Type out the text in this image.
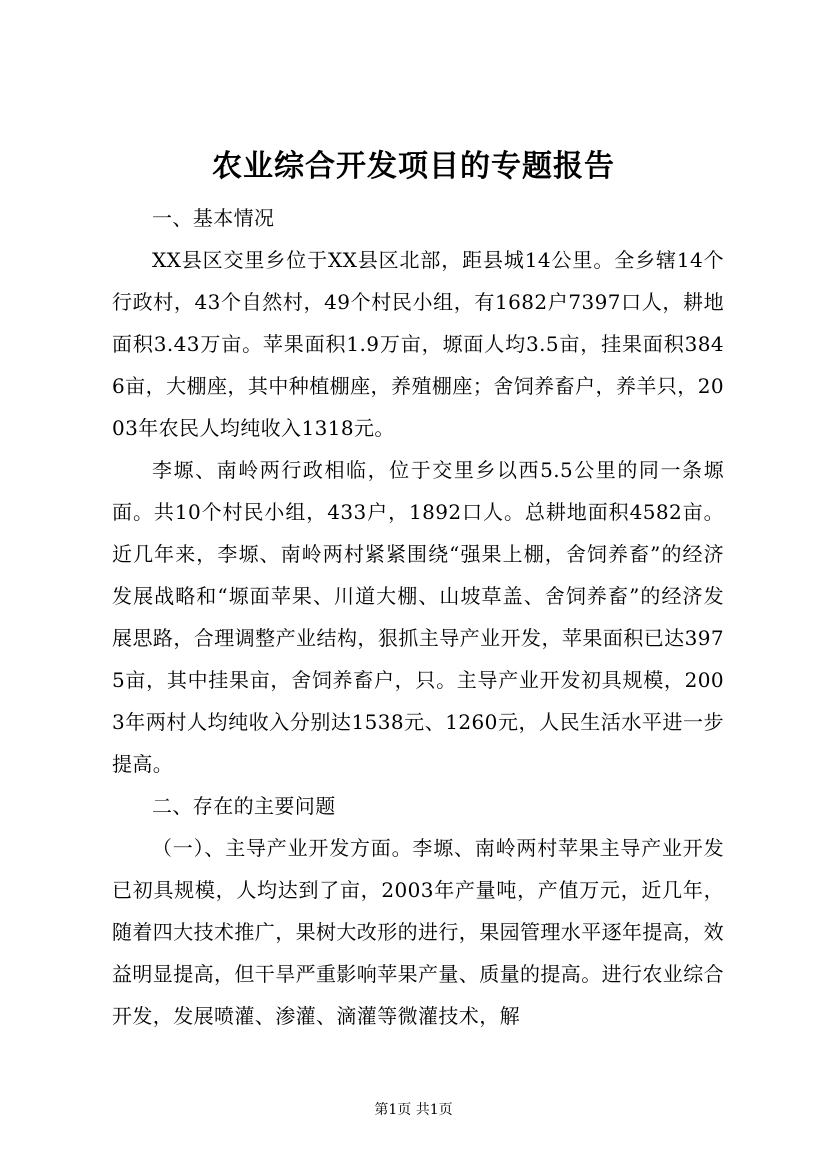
农业综合开发项目的专题报告

一、基本情况

XX县区交里乡位于XX县区北部，距县城14公里。全乡辖14个行政村，43个自然村，49个村民小组，有1682户7397口人，耕地面积3.43万亩。苹果面积1.9万亩，塬面人均3.5亩，挂果面积3846亩，大棚座，其中种植棚座，养殖棚座；舍饲养畜户，养羊只，2003年农民人均纯收入1318元。

李塬、南岭两行政相临，位于交里乡以西5.5公里的同一条塬面。共10个村民小组，433户，1892口人。总耕地面积4582亩。近几年来，李塬、南岭两村紧紧围绕“强果上棚，舍饲养畜”的经济发展战略和“塬面苹果、川道大棚、山坡草盖、舍饲养畜”的经济发展思路，合理调整产业结构，狠抓主导产业开发，苹果面积已达3975亩，其中挂果亩，舍饲养畜户，只。主导产业开发初具规模，2003年两村人均纯收入分别达1538元、1260元，人民生活水平进一步提高。

二、存在的主要问题

（一）、主导产业开发方面。李塬、南岭两村苹果主导产业开发已初具规模，人均达到了亩，2003年产量吨，产值万元，近几年，随着四大技术推广，果树大改形的进行，果园管理水平逐年提高，效益明显提高，但干旱严重影响苹果产量、质量的提高。进行农业综合开发，发展喷灌、渗灌、滴灌等微灌技术，解

第1页 共1页
